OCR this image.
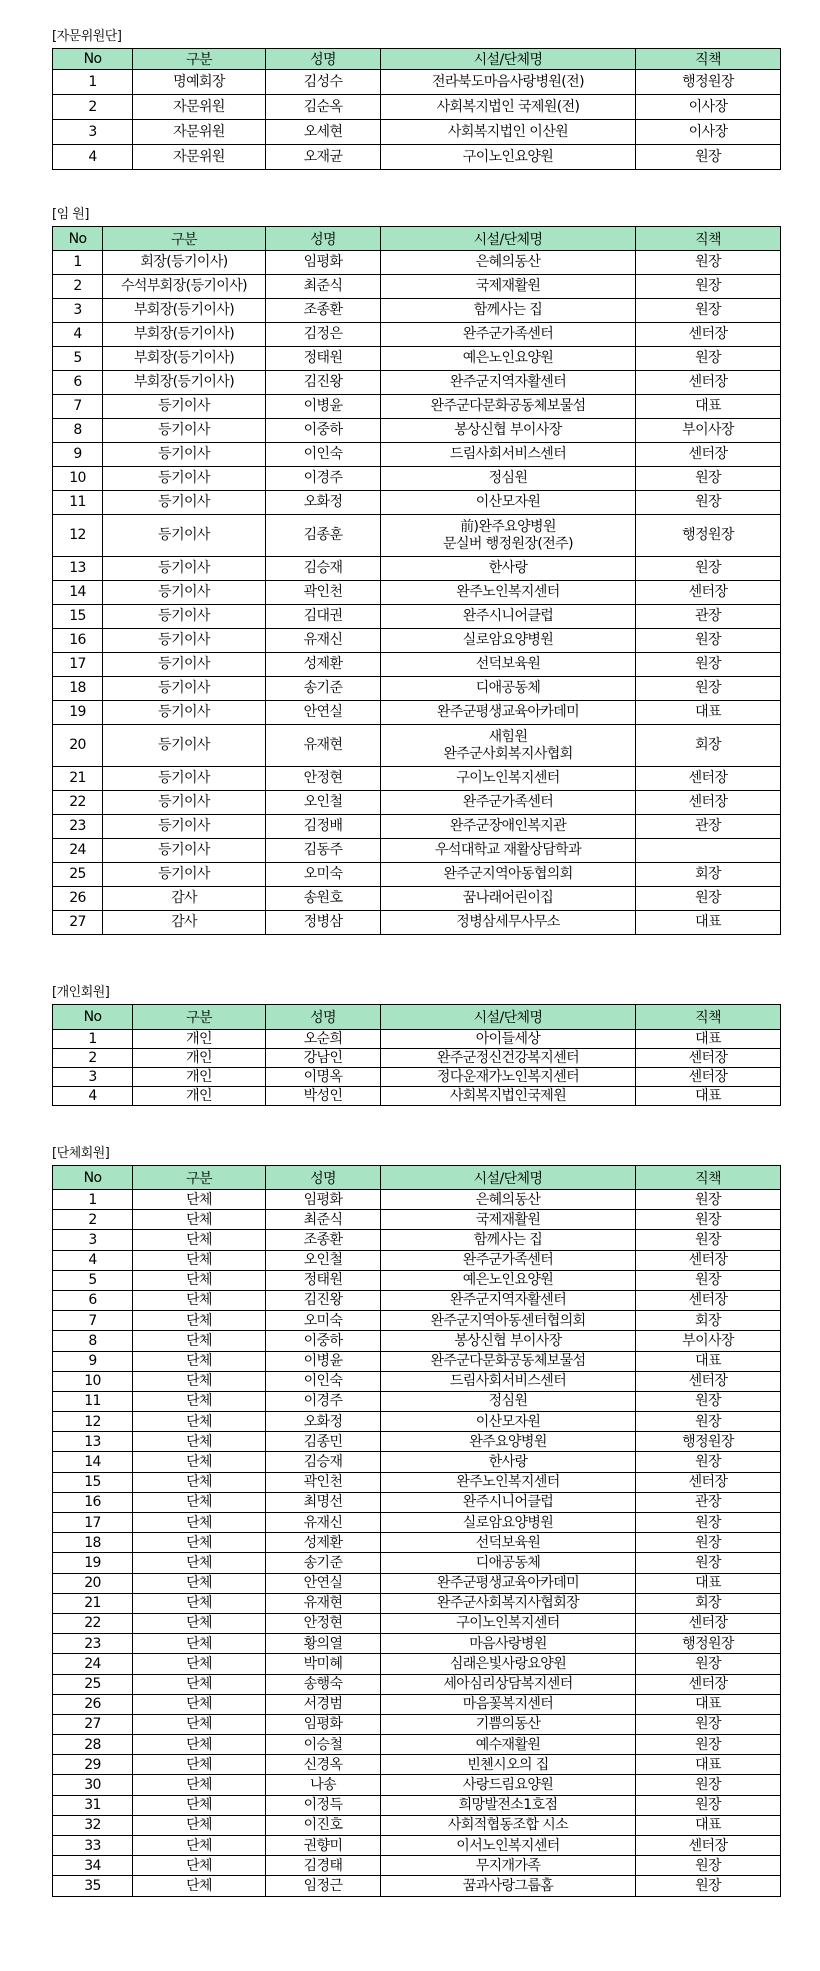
[자문위원단]
No	구분	성명	시설/단체명	직책
1	명예회장	김성수	전라북도마음사랑병원(전)	행정원장
2	자문위원	김순옥	사회복지법인 국제원(전)	이사장
3	자문위원	오세현	사회복지법인 이산원	이사장
4	자문위원	오재균	구이노인요양원	원장
[임 원]
No	구분	성명	시설/단체명	직책
1	회장(등기이사)	임평화	은혜의동산	원장
2	수석부회장(등기이사)	최준식	국제재활원	원장
3	부회장(등기이사)	조종환	함께사는 집	원장
4	부회장(등기이사)	김정은	완주군가족센터	센터장
5	부회장(등기이사)	정태원	예은노인요양원	원장
6	부회장(등기이사)	김진왕	완주군지역자활센터	센터장
7	등기이사	이병윤	완주군다문화공동체보물섬	대표
8	등기이사	이중하	봉상신협 부이사장	부이사장
9	등기이사	이인숙	드림사회서비스센터	센터장
10	등기이사	이경주	정심원	원장
11	등기이사	오화정	이산모자원	원장
12	등기이사	김종훈	前)완주요양병원
문실버 행정원장(전주)	행정원장
13	등기이사	김승재	한사랑	원장
14	등기이사	곽인천	완주노인복지센터	센터장
15	등기이사	김대권	완주시니어클럽	관장
16	등기이사	유재신	실로암요양병원	원장
17	등기이사	성제환	선덕보육원	원장
18	등기이사	송기준	디애공동체	원장
19	등기이사	안연실	완주군평생교육아카데미	대표
20	등기이사	유재현	새힘원
완주군사회복지사협회	회장
21	등기이사	안정현	구이노인복지센터	센터장
22	등기이사	오인철	완주군가족센터	센터장
23	등기이사	김정배	완주군장애인복지관	관장
24	등기이사	김동주	우석대학교 재활상담학과	
25	등기이사	오미숙	완주군지역아동협의회	회장
26	감사	송원호	꿈나래어린이집	원장
27	감사	정병삼	정병삼세무사무소	대표
[개인회원]
No	구분	성명	시설/단체명	직책
1	개인	오순희	아이들세상	대표
2	개인	강남인	완주군정신건강복지센터	센터장
3	개인	이명옥	정다운재가노인복지센터	센터장
4	개인	박성인	사회복지법인국제원	대표
[단체회원]
No	구분	성명	시설/단체명	직책
1	단체	임평화	은혜의동산	원장
2	단체	최준식	국제재활원	원장
3	단체	조종환	함께사는 집	원장
4	단체	오인철	완주군가족센터	센터장
5	단체	정태원	예은노인요양원	원장
6	단체	김진왕	완주군지역자활센터	센터장
7	단체	오미숙	완주군지역아동센터협의회	회장
8	단체	이중하	봉상신협 부이사장	부이사장
9	단체	이병윤	완주군다문화공동체보물섬	대표
10	단체	이인숙	드림사회서비스센터	센터장
11	단체	이경주	정심원	원장
12	단체	오화정	이산모자원	원장
13	단체	김종민	완주요양병원	행정원장
14	단체	김승재	한사랑	원장
15	단체	곽인천	완주노인복지센터	센터장
16	단체	최명선	완주시니어클럽	관장
17	단체	유재신	실로암요양병원	원장
18	단체	성제환	선덕보육원	원장
19	단체	송기준	디애공동체	원장
20	단체	안연실	완주군평생교육아카데미	대표
21	단체	유재현	완주군사회복지사협회장	회장
22	단체	안정현	구이노인복지센터	센터장
23	단체	황의열	마음사랑병원	행정원장
24	단체	박미혜	심래은빛사랑요양원	원장
25	단체	송행숙	세아심리상담복지센터	센터장
26	단체	서경범	마음꽃복지센터	대표
27	단체	임평화	기쁨의동산	원장
28	단체	이승철	예수재활원	원장
29	단체	신경옥	빈첸시오의 집	대표
30	단체	나송	사랑드림요양원	원장
31	단체	이정득	희망발전소1호점	원장
32	단체	이진호	사회적협동조합 시소	대표
33	단체	권향미	이서노인복지센터	센터장
34	단체	김경태	무지개가족	원장
35	단체	임정근	꿈과사랑그룹홈	원장
